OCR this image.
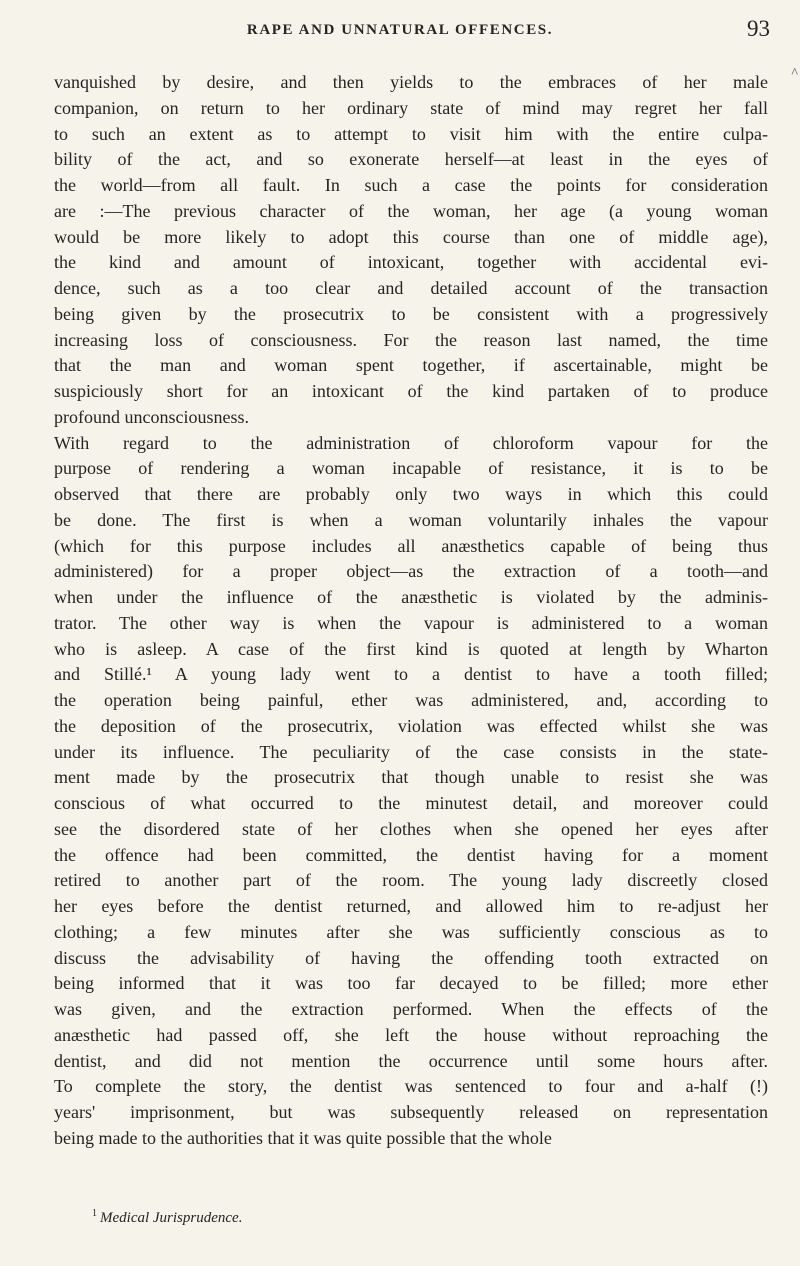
RAPE AND UNNATURAL OFFENCES.	93
^
vanquished by desire, and then yields to the embraces of her male
companion, on return to her ordinary state of mind may regret her fall
to such an extent as to attempt to visit him with the entire culpa-
bility of the act, and so exonerate herself—at least in the eyes of
the world—from all fault. In such a case the points for consideration
are :—The previous character of the woman, her age (a young woman
would be more likely to adopt this course than one of middle age),
the kind and amount of intoxicant, together with accidental evi-
dence, such as a too clear and detailed account of the transaction
being given by the prosecutrix to be consistent with a progressively
increasing loss of consciousness. For the reason last named, the time
that the man and woman spent together, if ascertainable, might be
suspiciously short for an intoxicant of the kind partaken of to produce
profound unconsciousness.
With regard to the administration of chloroform vapour for the
purpose of rendering a woman incapable of resistance, it is to be
observed that there are probably only two ways in which this could
be done. The first is when a woman voluntarily inhales the vapour
(which for this purpose includes all anæsthetics capable of being thus
administered) for a proper object—as the extraction of a tooth—and
when under the influence of the anæsthetic is violated by the adminis-
trator. The other way is when the vapour is administered to a woman
who is asleep. A case of the first kind is quoted at length by Wharton
and Stillé.¹ A young lady went to a dentist to have a tooth filled;
the operation being painful, ether was administered, and, according to
the deposition of the prosecutrix, violation was effected whilst she was
under its influence. The peculiarity of the case consists in the state-
ment made by the prosecutrix that though unable to resist she was
conscious of what occurred to the minutest detail, and moreover could
see the disordered state of her clothes when she opened her eyes after
the offence had been committed, the dentist having for a moment
retired to another part of the room. The young lady discreetly closed
her eyes before the dentist returned, and allowed him to re-adjust her
clothing; a few minutes after she was sufficiently conscious as to
discuss the advisability of having the offending tooth extracted on
being informed that it was too far decayed to be filled; more ether
was given, and the extraction performed. When the effects of the
anæsthetic had passed off, she left the house without reproaching the
dentist, and did not mention the occurrence until some hours after.
To complete the story, the dentist was sentenced to four and a-half (!)
years' imprisonment, but was subsequently released on representation
being made to the authorities that it was quite possible that the whole
$^1$ Medical Jurisprudence.
